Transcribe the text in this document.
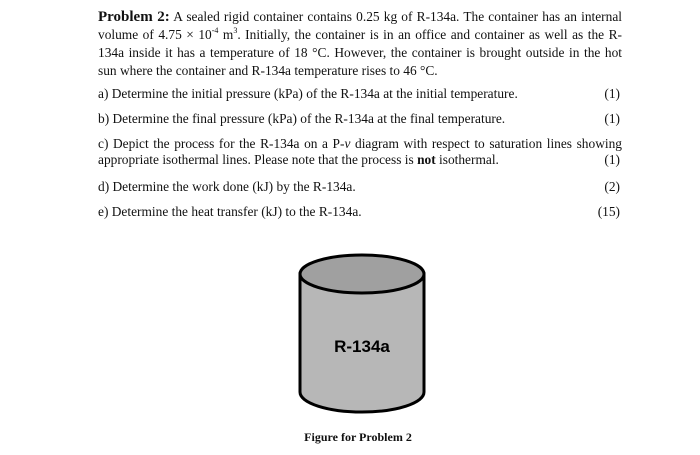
Problem 2: A sealed rigid container contains 0.25 kg of R-134a. The container has an internal volume of $4.75 \times 10^{-4}$ $m^3$. Initially, the container is in an office and container as well as the R-134a inside it has a temperature of 18 °C. However, the container is brought outside in the hot sun where the container and R-134a temperature rises to 46 °C.
a) Determine the initial pressure (kPa) of the R-134a at the initial temperature.	(1)
b) Determine the final pressure (kPa) of the R-134a at the final temperature.	(1)
c) Depict the process for the R-134a on a P-v diagram with respect to saturation lines showing appropriate isothermal lines. Please note that the process is not isothermal.	(1)
d) Determine the work done (kJ) by the R-134a.	(2)
e) Determine the heat transfer (kJ) to the R-134a.	(15)
R-134a
Figure for Problem 2
